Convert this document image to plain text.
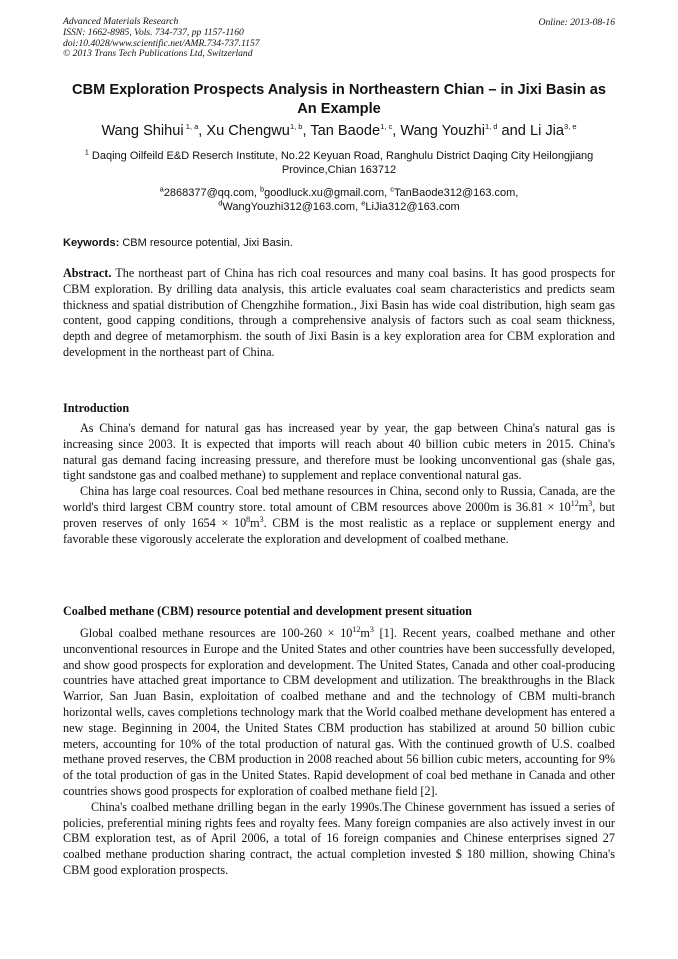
Advanced Materials Research
ISSN: 1662-8985, Vols. 734-737, pp 1157-1160
doi:10.4028/www.scientific.net/AMR.734-737.1157
© 2013 Trans Tech Publications Ltd, Switzerland
Online: 2013-08-16
CBM Exploration Prospects Analysis in Northeastern Chian – in Jixi Basin as An Example
Wang Shihui $^{1, a}$, Xu Chengwu$^{1, b}$, Tan Baode$^{1, c}$, Wang Youzhi$^{1, d}$ and Li Jia$^{3, e}$
$^1$ Daqing Oilfeild E&D Reserch Institute, No.22 Keyuan Road, Ranghulu District Daqing City Heilongjiang Province,Chian 163712
$^a$2868377@qq.com, $^b$goodluck.xu@gmail.com, $^c$TanBaode312@163.com,
$^d$WangYouzhi312@163.com, $^e$LiJia312@163.com
Keywords: CBM resource potential, Jixi Basin.

Abstract. The northeast part of China has rich coal resources and many coal basins. It has good prospects for CBM exploration. By drilling data analysis, this article evaluates coal seam characteristics and predicts seam thickness and spatial distribution of Chengzhihe formation., Jixi Basin has wide coal distribution, high seam gas content, good capping conditions, through a comprehensive analysis of factors such as coal seam thickness, depth and degree of metamorphism. the south of Jixi Basin is a key exploration area for CBM exploration and development in the northeast part of China.

Introduction

As China's demand for natural gas has increased year by year, the gap between China's natural gas is increasing since 2003. It is expected that imports will reach about 40 billion cubic meters in 2015. China's natural gas demand facing increasing pressure, and therefore must be looking unconventional gas (shale gas, tight sandstone gas and coalbed methane) to supplement and replace conventional natural gas.

China has large coal resources. Coal bed methane resources in China, second only to Russia, Canada, are the world's third largest CBM country store. total amount of CBM resources above 2000m is $36.81 \times 10^{12}m^3$, but proven reserves of only $1654 \times 10^8m^3$. CBM is the most realistic as a replace or supplement energy and favorable these vigorously accelerate the exploration and development of coalbed methane.

Coalbed methane (CBM) resource potential and development present situation

Global coalbed methane resources are $100-260 \times 10^{12}m^3$ [1]. Recent years, coalbed methane and other unconventional resources in Europe and the United States and other countries have been successfully developed, and show good prospects for exploration and development. The United States, Canada and other coal-producing countries have attached great importance to CBM development and utilization. The breakthroughs in the Black Warrior, San Juan Basin, exploitation of coalbed methane and and the technology of CBM multi-branch horizontal wells, caves completions technology mark that the World coalbed methane development has entered a new stage. Beginning in 2004, the United States CBM production has stabilized at around 50 billion cubic meters, accounting for 10% of the total production of natural gas. With the continued growth of U.S. coalbed methane proved reserves, the CBM production in 2008 reached about 56 billion cubic meters, accounting for 9% of the total production of gas in the United States. Rapid development of coal bed methane in Canada and other countries shows good prospects for exploration of coalbed methane field [2].

China's coalbed methane drilling began in the early 1990s.The Chinese government has issued a series of policies, preferential mining rights fees and royalty fees. Many foreign companies are also actively invest in our CBM exploration test, as of April 2006, a total of 16 foreign companies and Chinese enterprises signed 27 coalbed methane production sharing contract, the actual completion invested $ 180 million, showing China's CBM good exploration prospects.
